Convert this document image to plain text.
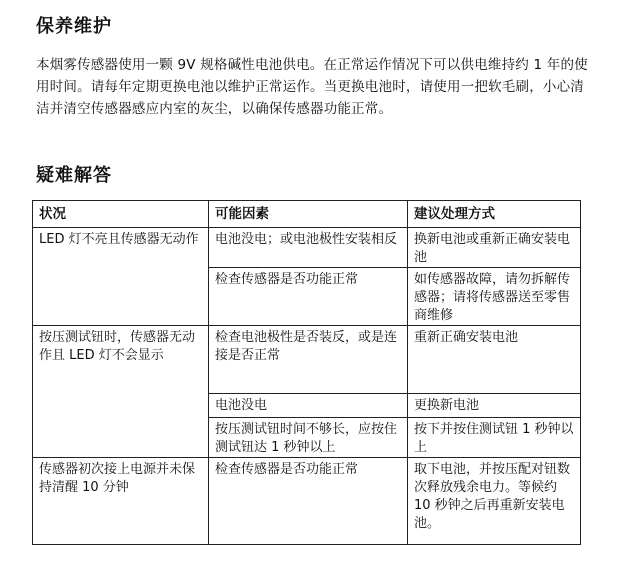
保养维护

本烟雾传感器使用一颗 9V 规格碱性电池供电。在正常运作情况下可以供电维持约 1 年的使用时间。请每年定期更换电池以维护正常运作。当更换电池时，请使用一把软毛刷，小心清洁并清空传感器感应内室的灰尘，以确保传感器功能正常。

疑难解答
状况	可能因素	建议处理方式
LED 灯不亮且传感器无动作	电池没电；或电池极性安装相反	换新电池或重新正确安装电池
	检查传感器是否功能正常	如传感器故障，请勿拆解传感器；请将传感器送至零售商维修
按压测试钮时，传感器无动作且 LED 灯不会显示	检查电池极性是否装反，或是连接是否正常	重新正确安装电池
	电池没电	更换新电池
	按压测试钮时间不够长，应按住测试钮达 1 秒钟以上	按下并按住测试钮 1 秒钟以上
传感器初次接上电源并未保持清醒 10 分钟	检查传感器是否功能正常	取下电池，并按压配对钮数次释放残余电力。等候约 10 秒钟之后再重新安装电池。
